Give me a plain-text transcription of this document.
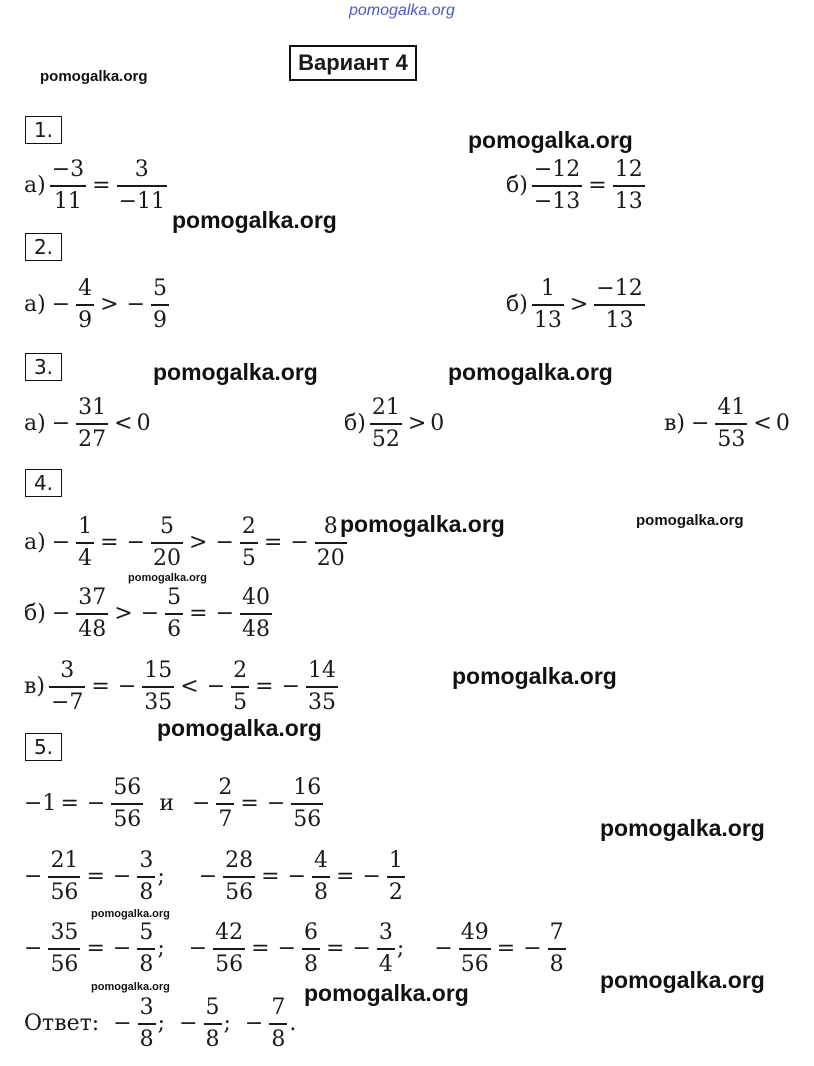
pomogalka.org
pomogalka.org
pomogalka.org
pomogalka.org
pomogalka.org	pomogalka.org
pomogalka.org	pomogalka.org
pomogalka.org
pomogalka.org
pomogalka.org
pomogalka.org
pomogalka.org
pomogalka.org	pomogalka.org	pomogalka.org
Вариант 4
1.
2.
3.
4.
5.
$а) \frac{-3}{11} = \frac{3}{-11}$	$б) \frac{-12}{-13} = \frac{12}{13}$
$а) - \frac{4}{9}$ > − $\frac{5}{9}$	$б) \frac{1}{13} > \frac{-12}{13}$
$а) - \frac{31}{27} < 0$	$б) \frac{21}{52} > 0$	$в) - \frac{41}{53} < 0$
$а) - \frac{1}{4}$ = − $\frac{5}{20}$ > − $\frac{2}{5}$ = − $\frac{8}{20}$
$б) - \frac{37}{48}$ > − $\frac{5}{6}$ = − $\frac{40}{48}$
$в) \frac{3}{-7}$ = − $\frac{15}{35}$ < − $\frac{2}{5}$ = − $\frac{14}{35}$
−1 = − $\frac{56}{56}$ $и - \frac{2}{7}$ = − $\frac{16}{56}$
− $\frac{21}{56}$ = − $\frac{3}{8}$ ; − $\frac{28}{56}$ = − $\frac{4}{8}$ = − $\frac{1}{2}$
− $\frac{35}{56}$ = − $\frac{5}{8}$ ; − $\frac{42}{56}$ = − $\frac{6}{8}$ = − $\frac{3}{4}$ ; − $\frac{49}{56}$ = − $\frac{7}{8}$
Ответ: − $\frac{3}{8}$ ; − $\frac{5}{8}$ ; − $\frac{7}{8}$ .
